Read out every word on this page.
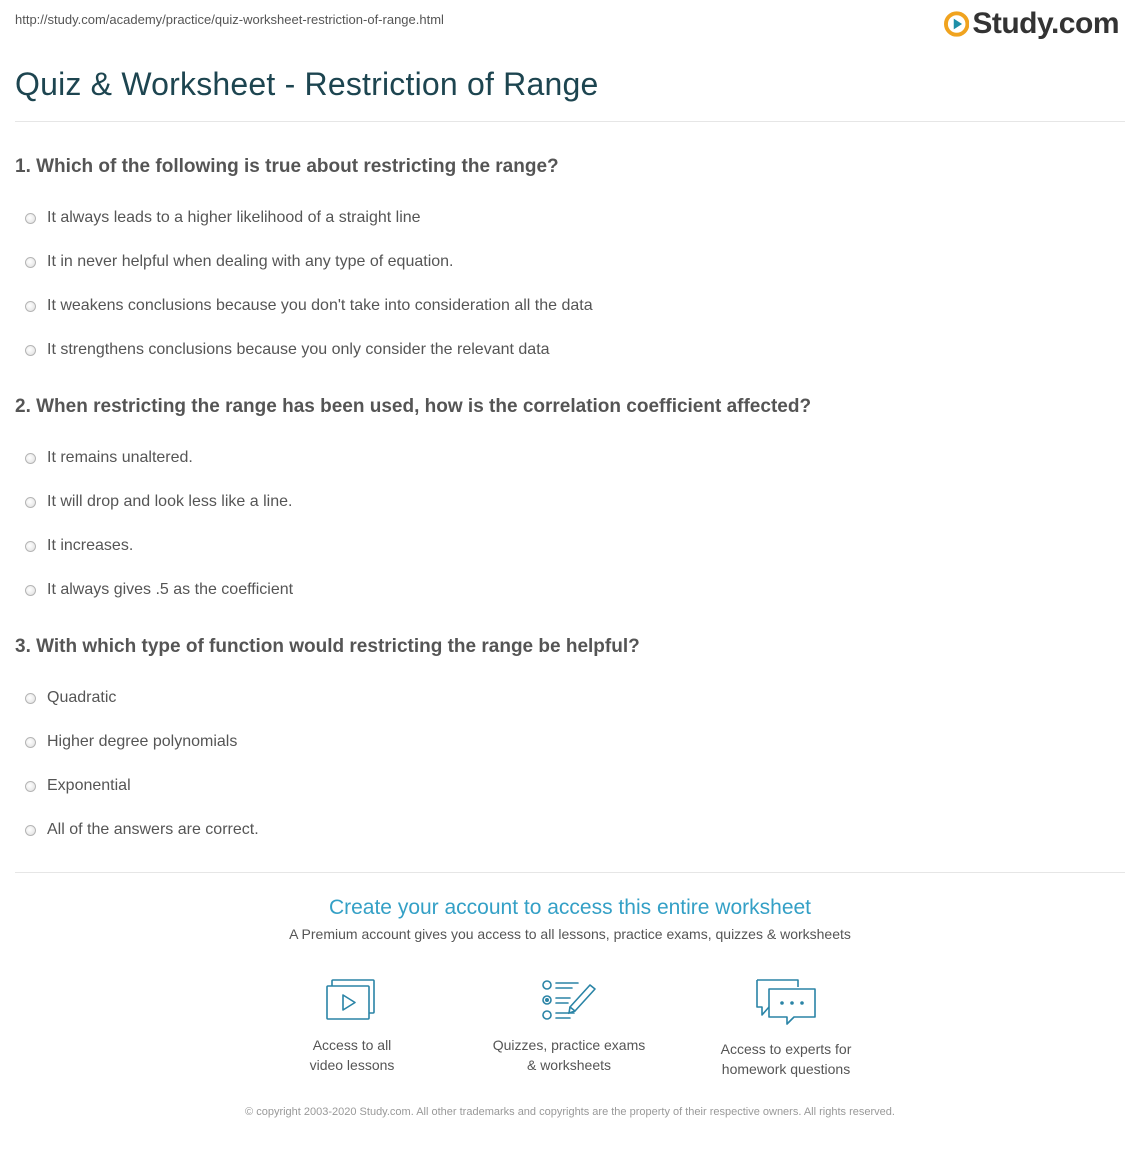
http://study.com/academy/practice/quiz-worksheet-restriction-of-range.html	Study.com
Quiz & Worksheet - Restriction of Range

1. Which of the following is true about restricting the range?

It always leads to a higher likelihood of a straight line
It in never helpful when dealing with any type of equation.
It weakens conclusions because you don't take into consideration all the data
It strengthens conclusions because you only consider the relevant data

2. When restricting the range has been used, how is the correlation coefficient affected?

It remains unaltered.
It will drop and look less like a line.
It increases.
It always gives .5 as the coefficient

3. With which type of function would restricting the range be helpful?

Quadratic
Higher degree polynomials
Exponential
All of the answers are correct.

Create your account to access this entire worksheet

A Premium account gives you access to all lessons, practice exams, quizzes & worksheets

Access to all
video lessons
Quizzes, practice exams
& worksheets
Access to experts for
homework questions
© copyright 2003-2020 Study.com. All other trademarks and copyrights are the property of their respective owners. All rights reserved.
